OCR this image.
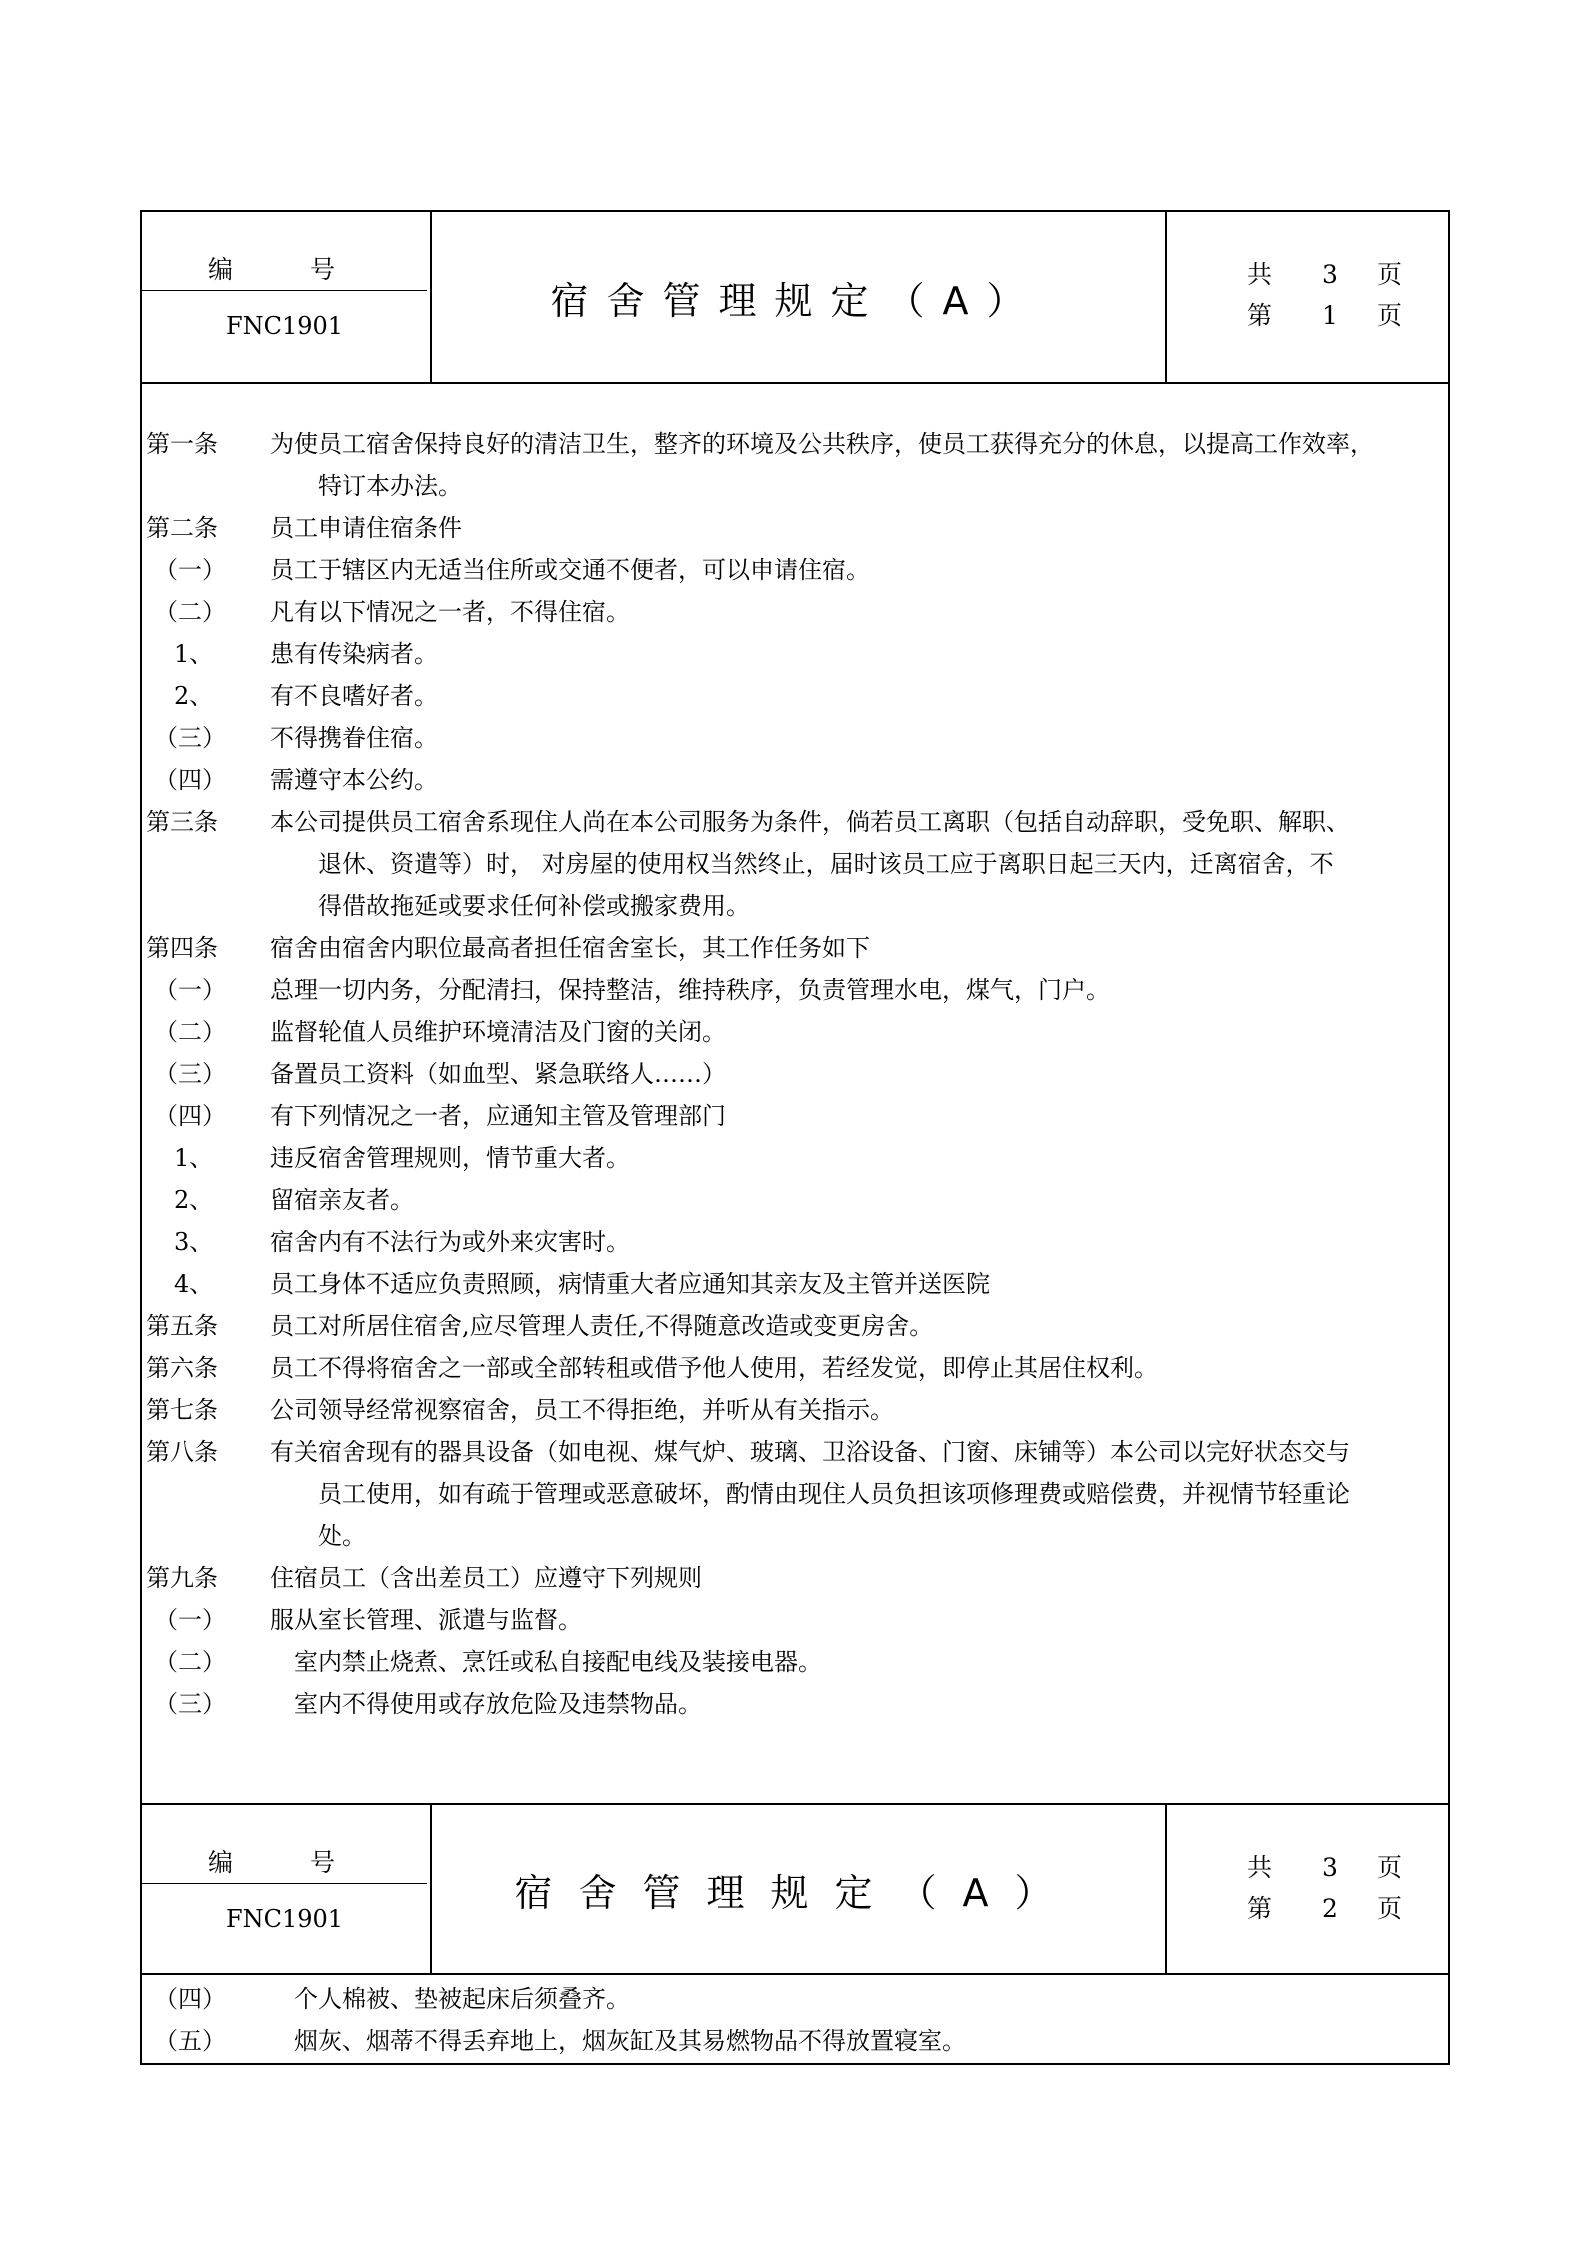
编　号
FNC1901
宿舍管理规定（A）
共 3 页
第 1 页
第一条 为使员工宿舍保持良好的清洁卫生，整齐的环境及公共秩序，使员工获得充分的休息，以提高工作效率，
特订本办法。
第二条 员工申请住宿条件
（一） 员工于辖区内无适当住所或交通不便者，可以申请住宿。
（二） 凡有以下情况之一者，不得住宿。
1、 患有传染病者。
2、 有不良嗜好者。
（三） 不得携眷住宿。
（四） 需遵守本公约。
第三条 本公司提供员工宿舍系现住人尚在本公司服务为条件，倘若员工离职（包括自动辞职，受免职、解职、
退休、资遣等）时， 对房屋的使用权当然终止，届时该员工应于离职日起三天内，迁离宿舍，不
得借故拖延或要求任何补偿或搬家费用。
第四条 宿舍由宿舍内职位最高者担任宿舍室长，其工作任务如下
（一） 总理一切内务，分配清扫，保持整洁，维持秩序，负责管理水电，煤气，门户。
（二） 监督轮值人员维护环境清洁及门窗的关闭。
（三） 备置员工资料（如血型、紧急联络人……）
（四） 有下列情况之一者，应通知主管及管理部门
1、 违反宿舍管理规则，情节重大者。
2、 留宿亲友者。
3、 宿舍内有不法行为或外来灾害时。
4、 员工身体不适应负责照顾，病情重大者应通知其亲友及主管并送医院
第五条 员工对所居住宿舍,应尽管理人责任,不得随意改造或变更房舍。
第六条 员工不得将宿舍之一部或全部转租或借予他人使用，若经发觉，即停止其居住权利。
第七条 公司领导经常视察宿舍，员工不得拒绝，并听从有关指示。
第八条 有关宿舍现有的器具设备（如电视、煤气炉、玻璃、卫浴设备、门窗、床铺等）本公司以完好状态交与
员工使用，如有疏于管理或恶意破坏，酌情由现住人员负担该项修理费或赔偿费，并视情节轻重论
处。
第九条 住宿员工（含出差员工）应遵守下列规则
（一） 服从室长管理、派遣与监督。
（二）	室内禁止烧煮、烹饪或私自接配电线及装接电器。
（三）	室内不得使用或存放危险及违禁物品。
编　号
FNC1901
宿舍管理规定（A）
共 3 页
第 2 页
（四）	个人棉被、垫被起床后须叠齐。
（五）	烟灰、烟蒂不得丢弃地上，烟灰缸及其易燃物品不得放置寝室。
